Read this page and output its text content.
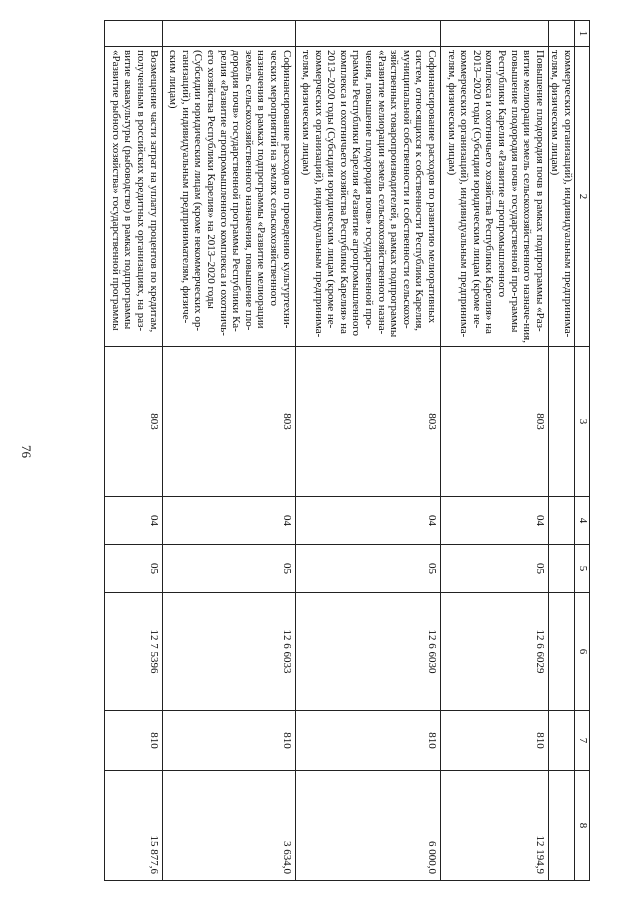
76
1	2	3	4	5	6	7	8
	коммерческих организаций), индивидуальным предпринима-телям, физическим лицам)						
	Повышение плодородия почв в рамках подпрограммы «Раз-витие мелиорации земель сельскохозяйственного назначе-ния, повышение плодородия почв» государственной про-граммы Республики Карелия «Развитие агропромышленного комплекса и охотничьего хозяйства Республики Карелия» на 2013–2020 годы (Субсидии юридическим лицам (кроме не-коммерческих организаций), индивидуальным предпринима-телям, физическим лицам)	803	04	05	12 6 6029	810	12 194,9
	Софинансирование расходов по развитию мелиоративных систем, относящихся к собственности Республики Карелия, муниципальной собственности и собственности сельскохо-зяйственных товаропроизводителей, в рамках подпрограммы «Развитие мелиорации земель сельскохозяйственного назна-чения, повышение плодородия почв» государственной про-граммы Республики Карелия «Развитие агропромышленного комплекса и охотничьего хозяйства Республики Карелия» на 2013–2020 годы (Субсидии юридическим лицам (кроме не-коммерческих организаций), индивидуальным предпринима-телям, физическим лицам)	803	04	05	12 6 6030	810	6 000,0
	Софинансирование расходов по проведению культуртехни-ческих мероприятий на землях сельскохозяйственного назначения в рамках подпрограммы «Развитие мелиорации земель сельскохозяйственного назначения, повышение пло-дородия почв» государственной программы Республики Ка-релия «Развитие агропромышленного комплекса и охотничь-его хозяйства Республики Карелия» на 2013–2020 годы (Субсидии юридическим лицам (кроме некоммерческих ор-ганизаций), индивидуальным предпринимателям, физиче-ским лицам)	803	04	05	12 6 6033	810	3 634,0
	Возмещение части затрат на уплату процентов по кредитам, полученным в российских кредитных организациях, на раз-витие аквакультуры (рыбоводство) в рамках подпрограммы «Развитие рыбного хозяйства» государственной программы	803	04	05	12 7 5396	810	15 877,6
